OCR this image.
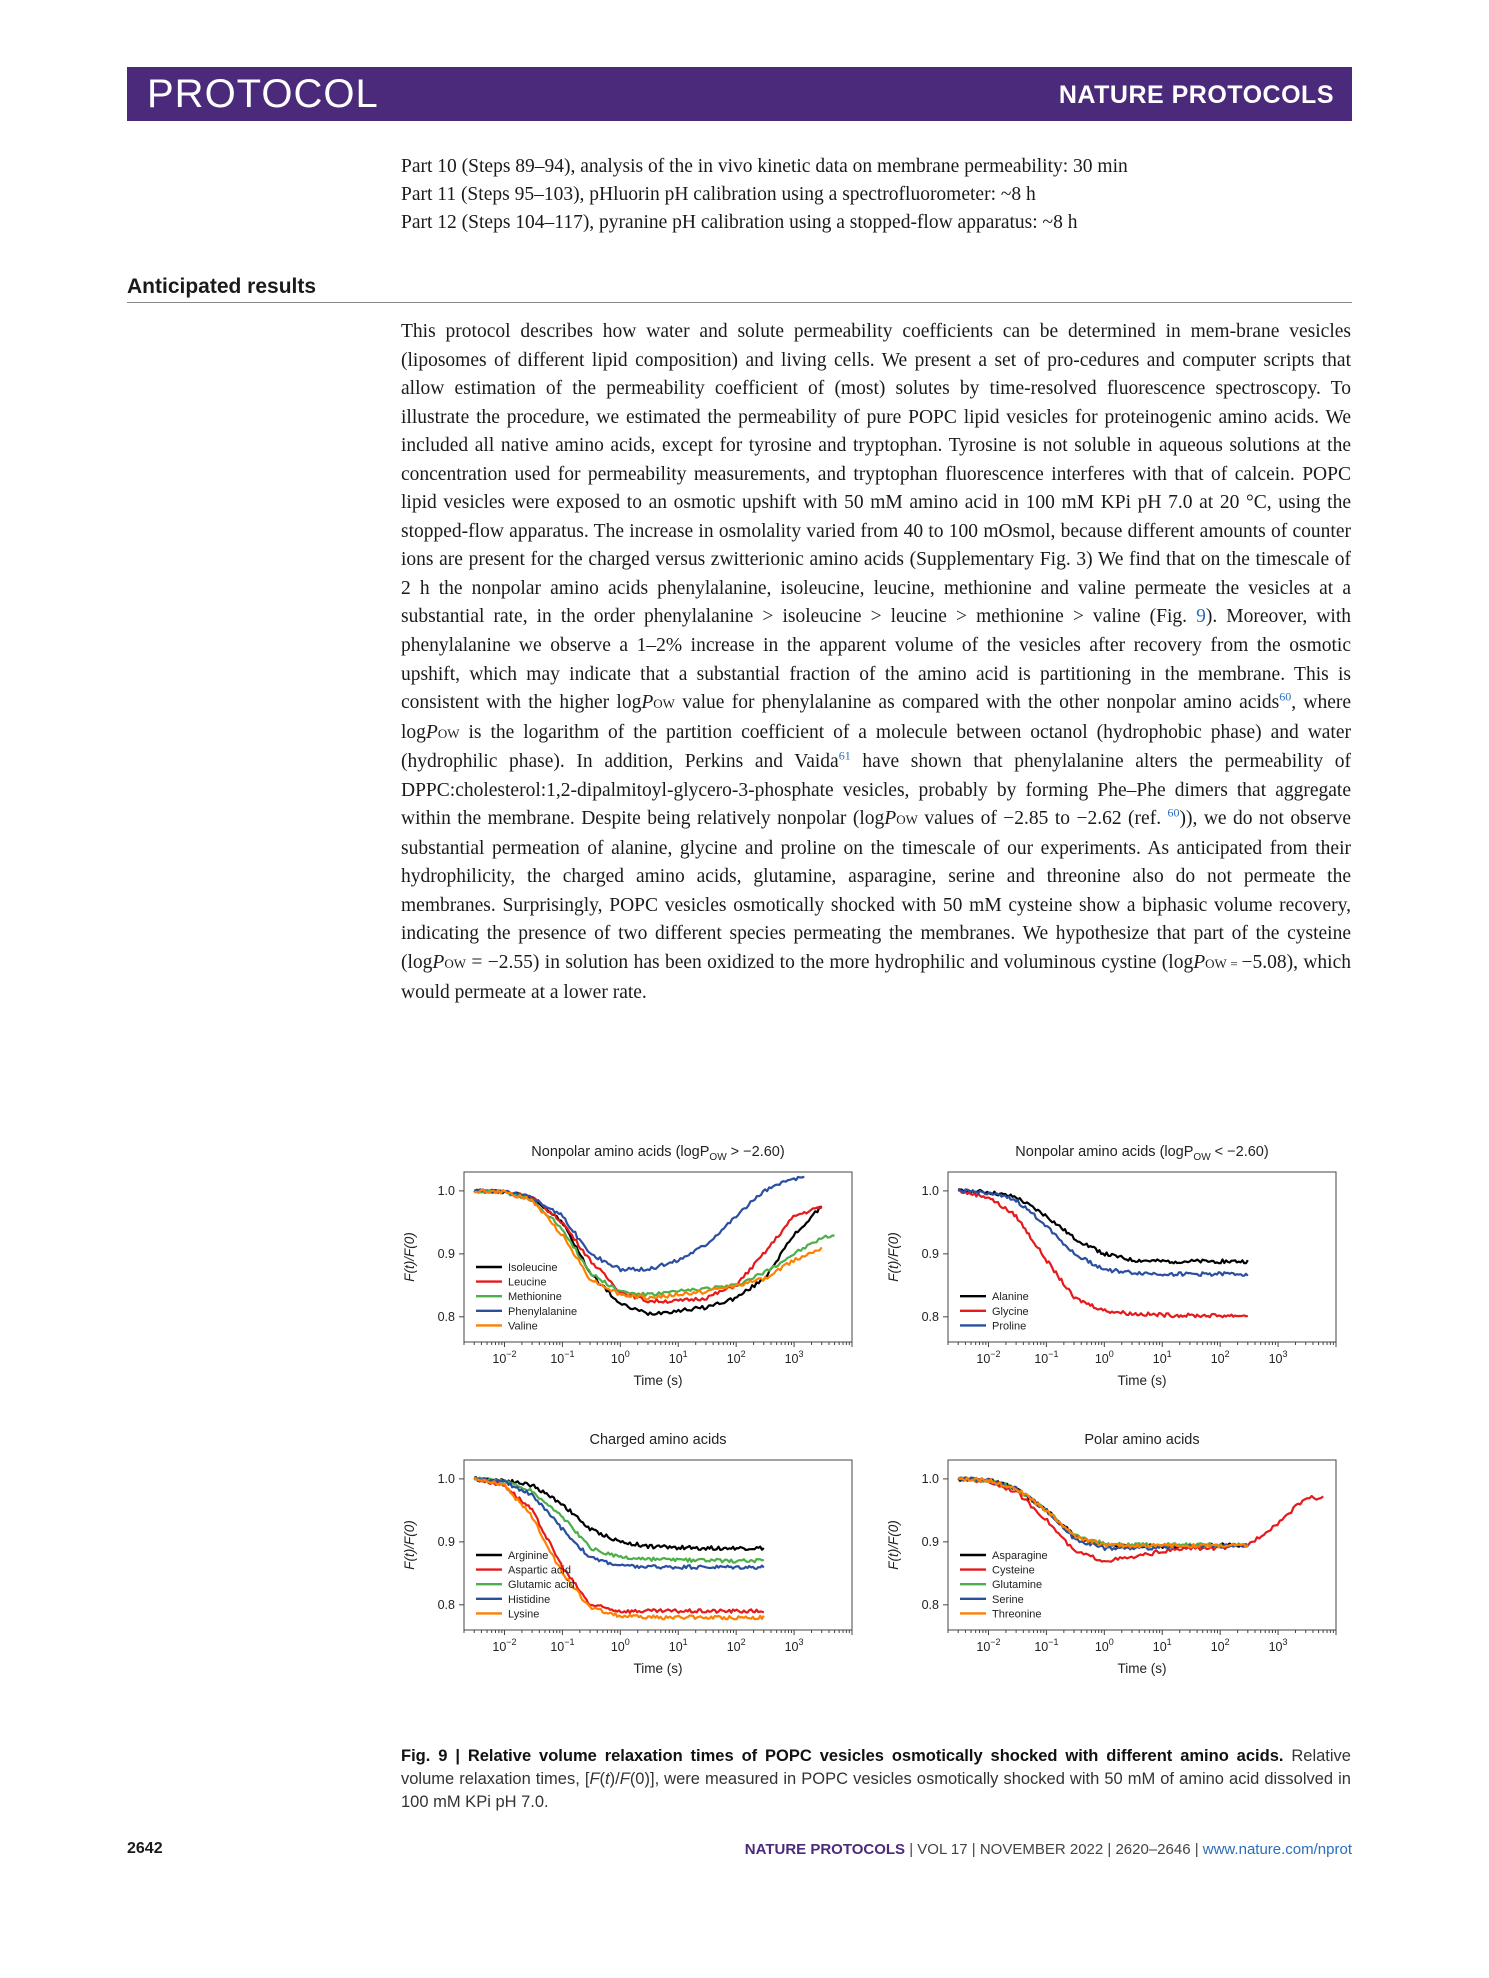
PROTOCOL	NATURE PROTOCOLS
Part 10 (Steps 89–94), analysis of the in vivo kinetic data on membrane permeability: 30 min
Part 11 (Steps 95–103), pHluorin pH calibration using a spectrofluorometer: ~8 h
Part 12 (Steps 104–117), pyranine pH calibration using a stopped-flow apparatus: ~8 h
Anticipated results

This protocol describes how water and solute permeability coefficients can be determined in mem-brane vesicles (liposomes of different lipid composition) and living cells. We present a set of pro-cedures and computer scripts that allow estimation of the permeability coefficient of (most) solutes by time-resolved fluorescence spectroscopy. To illustrate the procedure, we estimated the permeability of pure POPC lipid vesicles for proteinogenic amino acids. We included all native amino acids, except for tyrosine and tryptophan. Tyrosine is not soluble in aqueous solutions at the concentration used for permeability measurements, and tryptophan fluorescence interferes with that of calcein. POPC lipid vesicles were exposed to an osmotic upshift with 50 mM amino acid in 100 mM KPi pH 7.0 at 20 °C, using the stopped-flow apparatus. The increase in osmolality varied from 40 to 100 mOsmol, because different amounts of counter ions are present for the charged versus zwitterionic amino acids (Supplementary Fig. 3) We find that on the timescale of 2 h the nonpolar amino acids phenylalanine, isoleucine, leucine, methionine and valine permeate the vesicles at a substantial rate, in the order phenylalanine > isoleucine > leucine > methionine > valine (Fig. 9). Moreover, with phenylalanine we observe a 1–2% increase in the apparent volume of the vesicles after recovery from the osmotic upshift, which may indicate that a substantial fraction of the amino acid is partitioning in the membrane. This is consistent with the higher logPOW value for phenylalanine as compared with the other nonpolar amino acids$^{60}$, where logPOW is the logarithm of the partition coefficient of a molecule between octanol (hydrophobic phase) and water (hydrophilic phase). In addition, Perkins and Vaida$^{61}$ have shown that phenylalanine alters the permeability of DPPC:cholesterol:1,2-dipalmitoyl-glycero-3-phosphate vesicles, probably by forming Phe–Phe dimers that aggregate within the membrane. Despite being relatively nonpolar (logPOW values of −2.85 to −2.62 (ref. $^{60}$)), we do not observe substantial permeation of alanine, glycine and proline on the timescale of our experiments. As anticipated from their hydrophilicity, the charged amino acids, glutamine, asparagine, serine and threonine also do not permeate the membranes. Surprisingly, POPC vesicles osmotically shocked with 50 mM cysteine show a biphasic volume recovery, indicating the presence of two different species permeating the membranes. We hypothesize that part of the cysteine (logPOW = −2.55) in solution has been oxidized to the more hydrophilic and voluminous cystine (logPOW = −5.08), which would permeate at a lower rate.

Nonpolar amino acids (logP$_{OW}$ > −2.60)
1.0
0.9
0.8
$10^{-2}$	$10^{-1}$	$10^0$	$10^1$	$10^2$	$10^3$
Time (s)
F(t)/F(0)	Isoleucine
Leucine
Methionine
Phenylalanine
Valine
Nonpolar amino acids (logP$_{OW}$ < −2.60)
1.0
0.9
0.8
$10^{-2}$	$10^{-1}$	$10^0$	$10^1$	$10^2$	$10^3$
Time (s)
F(t)/F(0)
Alanine
Glycine
Proline
Charged amino acids
1.0
0.9
0.8
$10^{-2}$	$10^{-1}$	$10^0$	$10^1$	$10^2$	$10^3$
Time (s)
F(t)/F(0)	Arginine
Aspartic acid
Glutamic acid
Histidine
Lysine
Polar amino acids
1.0
0.9
0.8
$10^{-2}$	$10^{-1}$	$10^0$	$10^1$	$10^2$	$10^3$
Time (s)
F(t)/F(0)	Asparagine
Cysteine
Glutamine
Serine
Threonine
Fig. 9 | Relative volume relaxation times of POPC vesicles osmotically shocked with different amino acids. Relative volume relaxation times, [F(t)/F(0)], were measured in POPC vesicles osmotically shocked with 50 mM of amino acid dissolved in 100 mM KPi pH 7.0.
2642	NATURE PROTOCOLS | VOL 17 | NOVEMBER 2022 | 2620–2646 | www.nature.com/nprot
